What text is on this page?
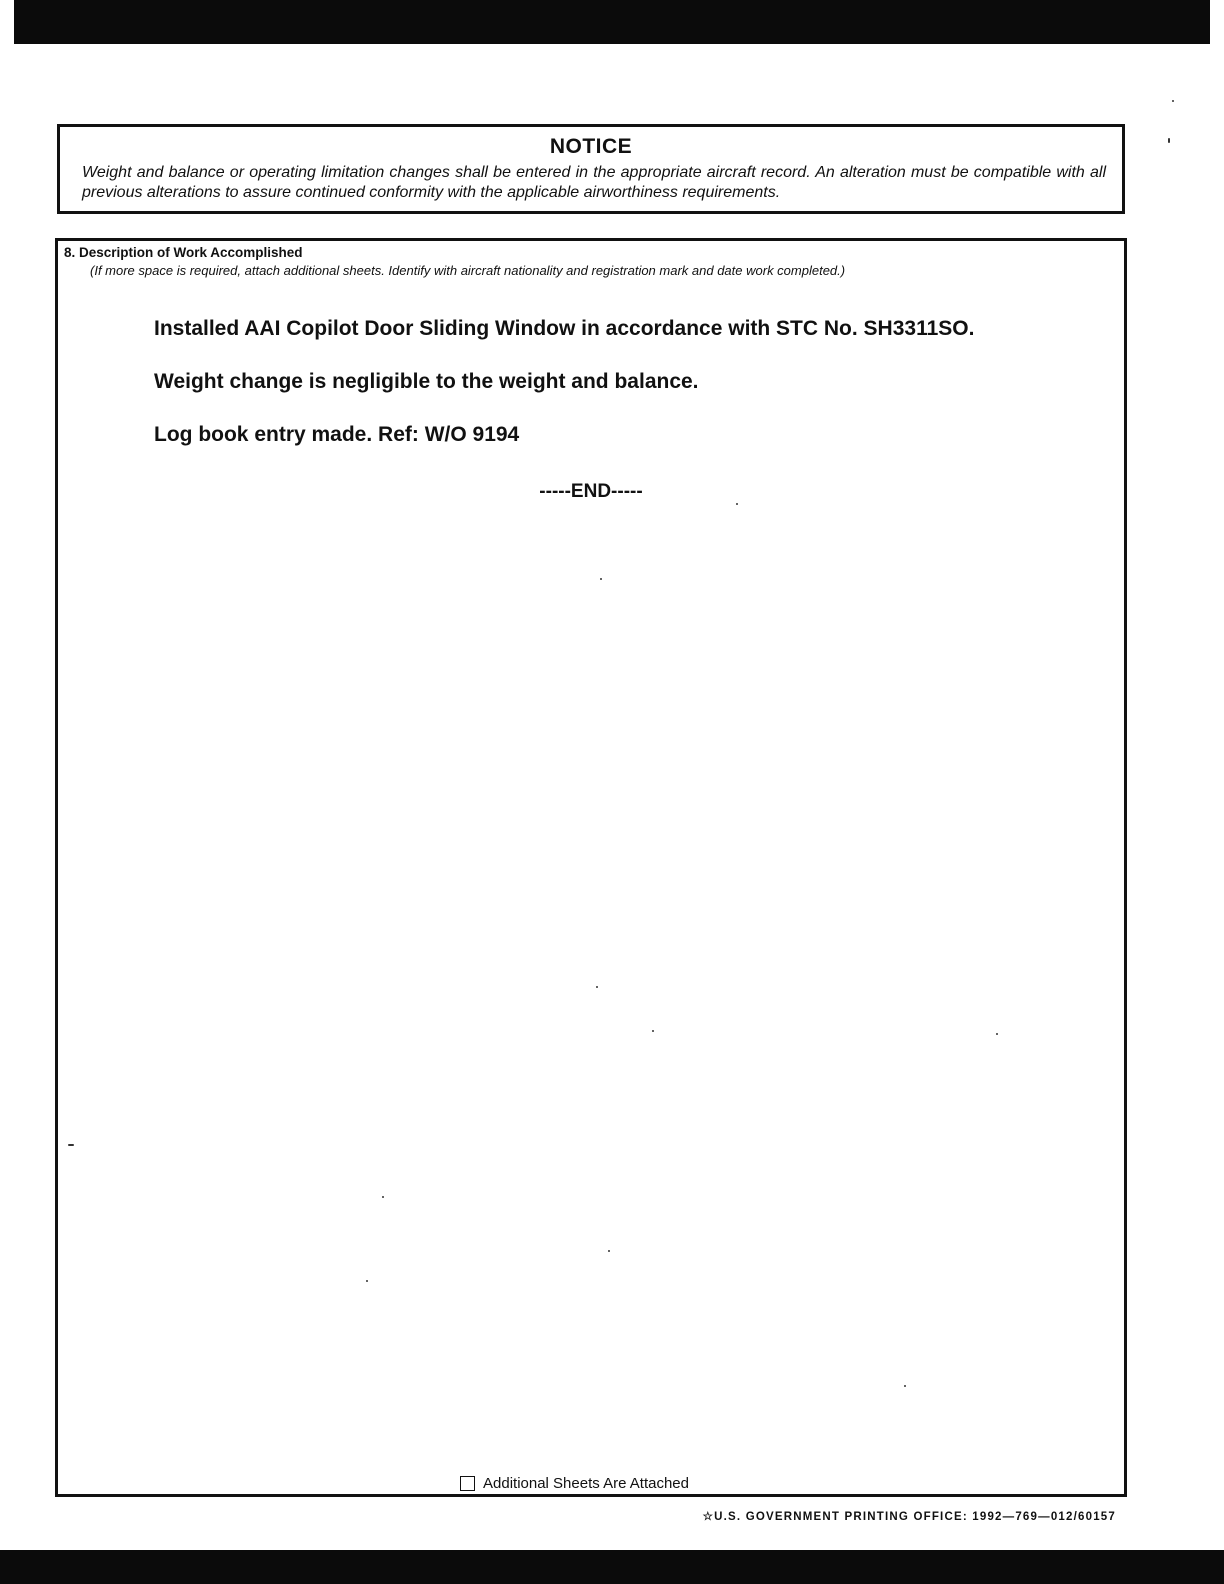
NOTICE
Weight and balance or operating limitation changes shall be entered in the appropriate aircraft record. An alteration must be compatible with all previous alterations to assure continued conformity with the applicable airworthiness requirements.
8. Description of Work Accomplished
(If more space is required, attach additional sheets. Identify with aircraft nationality and registration mark and date work completed.)
Installed AAI Copilot Door Sliding Window in accordance with STC No. SH3311SO.
Weight change is negligible to the weight and balance.
Log book entry made. Ref: W/O 9194
-----END-----
Additional Sheets Are Attached
☆U.S. GOVERNMENT PRINTING OFFICE: 1992—769—012/60157
